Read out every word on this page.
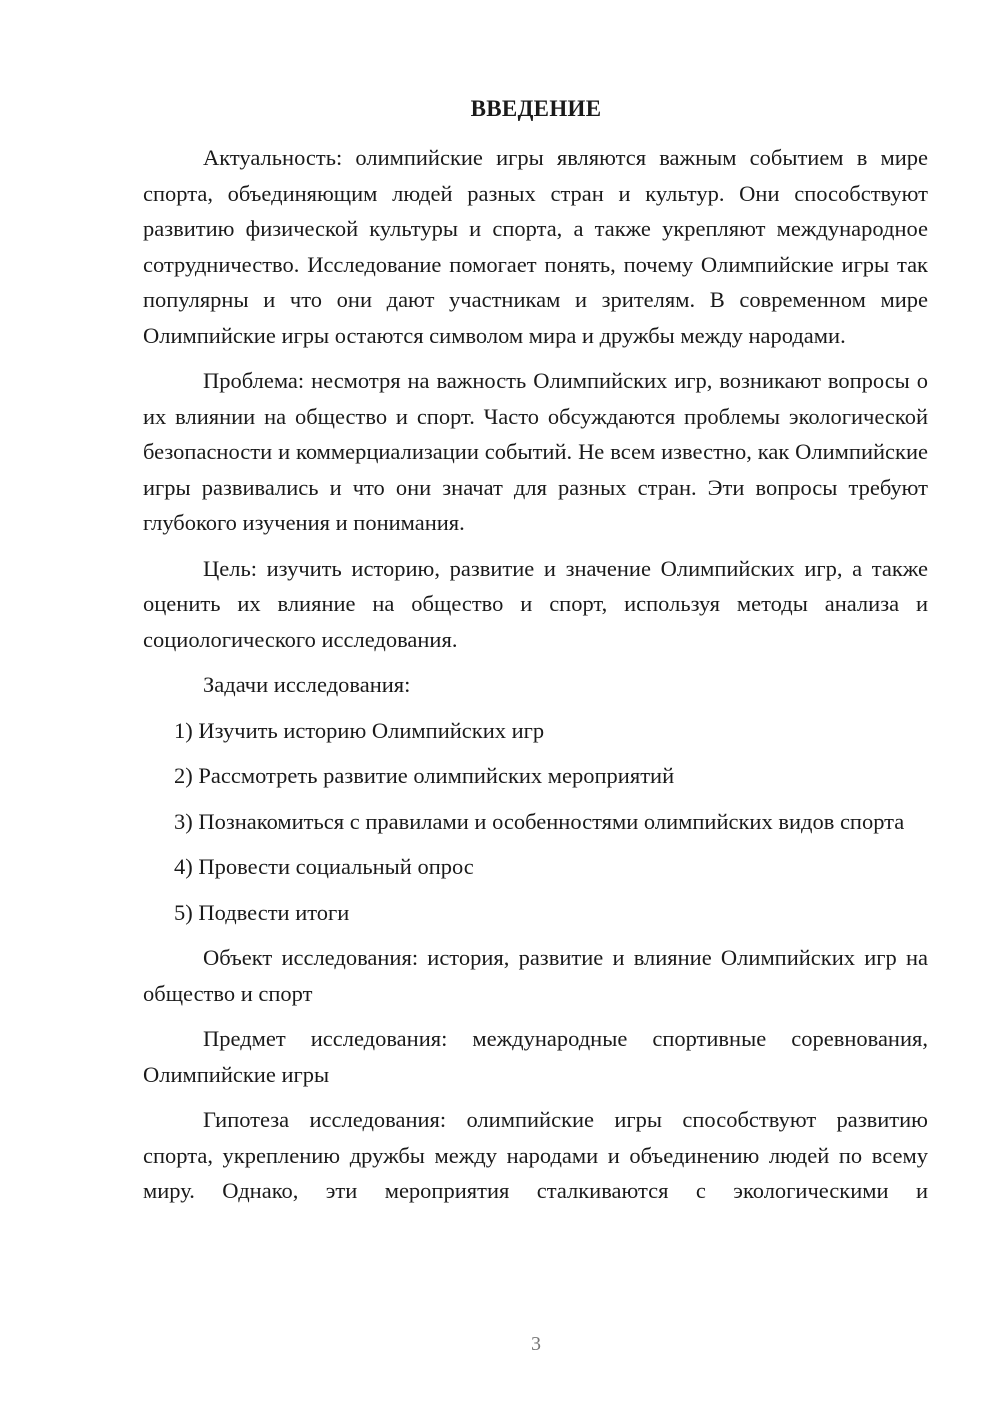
ВВЕДЕНИЕ

Актуальность: олимпийские игры являются важным событием в мире спорта, объединяющим людей разных стран и культур. Они способствуют развитию физической культуры и спорта, а также укрепляют международное сотрудничество. Исследование помогает понять, почему Олимпийские игры так популярны и что они дают участникам и зрителям. В современном мире Олимпийские игры остаются символом мира и дружбы между народами.

Проблема: несмотря на важность Олимпийских игр, возникают вопросы о их влиянии на общество и спорт. Часто обсуждаются проблемы экологической безопасности и коммерциализации событий. Не всем известно, как Олимпийские игры развивались и что они значат для разных стран. Эти вопросы требуют глубокого изучения и понимания.

Цель: изучить историю, развитие и значение Олимпийских игр, а также оценить их влияние на общество и спорт, используя методы анализа и социологического исследования.

Задачи исследования:

1) Изучить историю Олимпийских игр

2) Рассмотреть развитие олимпийских мероприятий

3) Познакомиться с правилами и особенностями олимпийских видов спорта

4) Провести социальный опрос

5) Подвести итоги

Объект исследования: история, развитие и влияние Олимпийских игр на общество и спорт

Предмет исследования: международные спортивные соревнования, Олимпийские игры

Гипотеза исследования: олимпийские игры способствуют развитию спорта, укреплению дружбы между народами и объединению людей по всему миру. Однако, эти мероприятия сталкиваются с экологическими и

3
